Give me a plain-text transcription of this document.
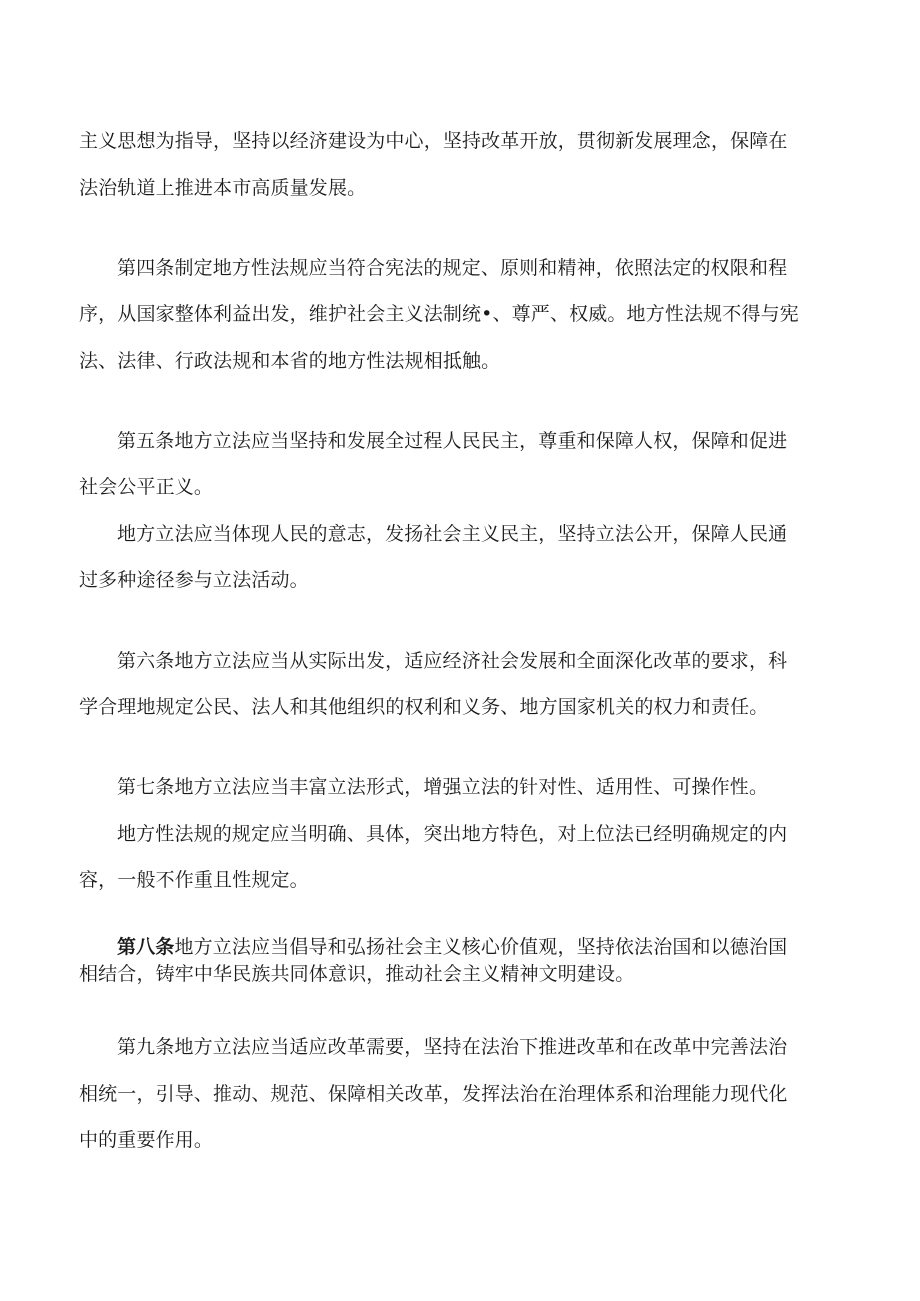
主义思想为指导，坚持以经济建设为中心，坚持改革开放，贯彻新发展理念，保障在

法治轨道上推进本市高质量发展。

第四条制定地方性法规应当符合宪法的规定、原则和精神，依照法定的权限和程

序，从国家整体利益出发，维护社会主义法制统•、尊严、权威。地方性法规不得与宪

法、法律、行政法规和本省的地方性法规相抵触。

第五条地方立法应当坚持和发展全过程人民民主，尊重和保障人权，保障和促进

社会公平正义。

地方立法应当体现人民的意志，发扬社会主义民主，坚持立法公开，保障人民通

过多种途径参与立法活动。

第六条地方立法应当从实际出发，适应经济社会发展和全面深化改革的要求，科

学合理地规定公民、法人和其他组织的权利和义务、地方国家机关的权力和责任。

第七条地方立法应当丰富立法形式，增强立法的针对性、适用性、可操作性。

地方性法规的规定应当明确、具体，突出地方特色，对上位法已经明确规定的内

容，一般不作重且性规定。

第八条地方立法应当倡导和弘扬社会主义核心价值观，坚持依法治国和以德治国

相结合，铸牢中华民族共同体意识，推动社会主义精神文明建设。

第九条地方立法应当适应改革需要，坚持在法治下推进改革和在改革中完善法治

相统一，引导、推动、规范、保障相关改革，发挥法治在治理体系和治理能力现代化

中的重要作用。
